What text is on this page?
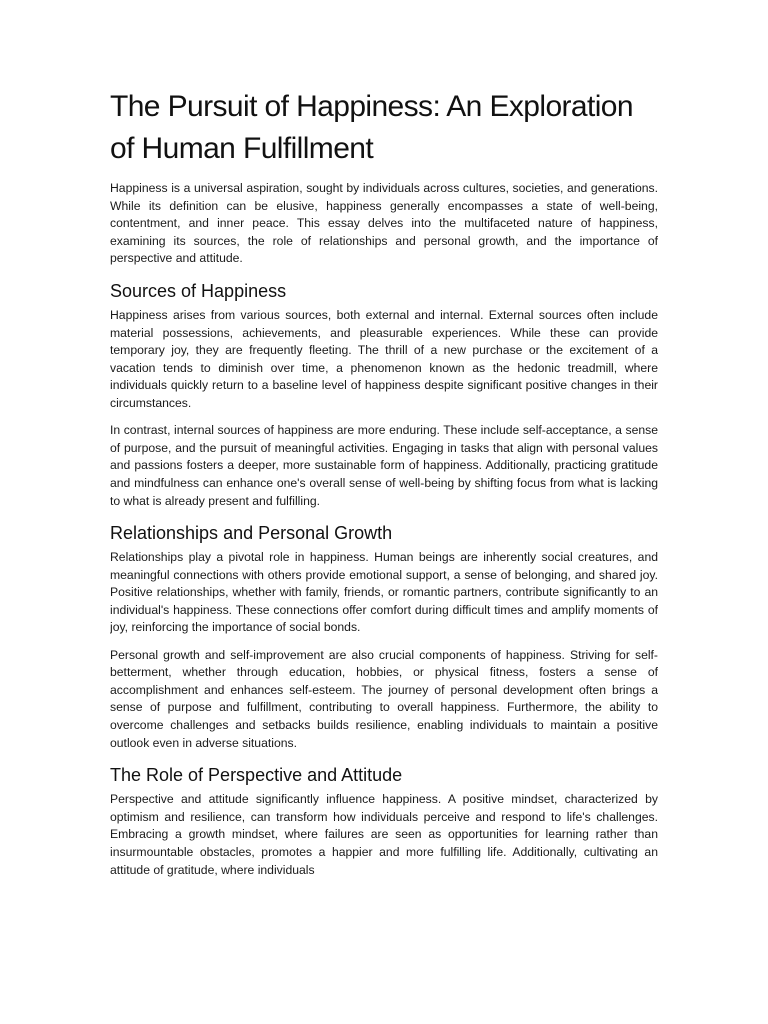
The Pursuit of Happiness: An Exploration of Human Fulfillment

Happiness is a universal aspiration, sought by individuals across cultures, societies, and generations. While its definition can be elusive, happiness generally encompasses a state of well-being, contentment, and inner peace. This essay delves into the multifaceted nature of happiness, examining its sources, the role of relationships and personal growth, and the importance of perspective and attitude.

Sources of Happiness

Happiness arises from various sources, both external and internal. External sources often include material possessions, achievements, and pleasurable experiences. While these can provide temporary joy, they are frequently fleeting. The thrill of a new purchase or the excitement of a vacation tends to diminish over time, a phenomenon known as the hedonic treadmill, where individuals quickly return to a baseline level of happiness despite significant positive changes in their circumstances.

In contrast, internal sources of happiness are more enduring. These include self-acceptance, a sense of purpose, and the pursuit of meaningful activities. Engaging in tasks that align with personal values and passions fosters a deeper, more sustainable form of happiness. Additionally, practicing gratitude and mindfulness can enhance one's overall sense of well-being by shifting focus from what is lacking to what is already present and fulfilling.

Relationships and Personal Growth

Relationships play a pivotal role in happiness. Human beings are inherently social creatures, and meaningful connections with others provide emotional support, a sense of belonging, and shared joy. Positive relationships, whether with family, friends, or romantic partners, contribute significantly to an individual's happiness. These connections offer comfort during difficult times and amplify moments of joy, reinforcing the importance of social bonds.

Personal growth and self-improvement are also crucial components of happiness. Striving for self-betterment, whether through education, hobbies, or physical fitness, fosters a sense of accomplishment and enhances self-esteem. The journey of personal development often brings a sense of purpose and fulfillment, contributing to overall happiness. Furthermore, the ability to overcome challenges and setbacks builds resilience, enabling individuals to maintain a positive outlook even in adverse situations.

The Role of Perspective and Attitude

Perspective and attitude significantly influence happiness. A positive mindset, characterized by optimism and resilience, can transform how individuals perceive and respond to life's challenges. Embracing a growth mindset, where failures are seen as opportunities for learning rather than insurmountable obstacles, promotes a happier and more fulfilling life. Additionally, cultivating an attitude of gratitude, where individuals
